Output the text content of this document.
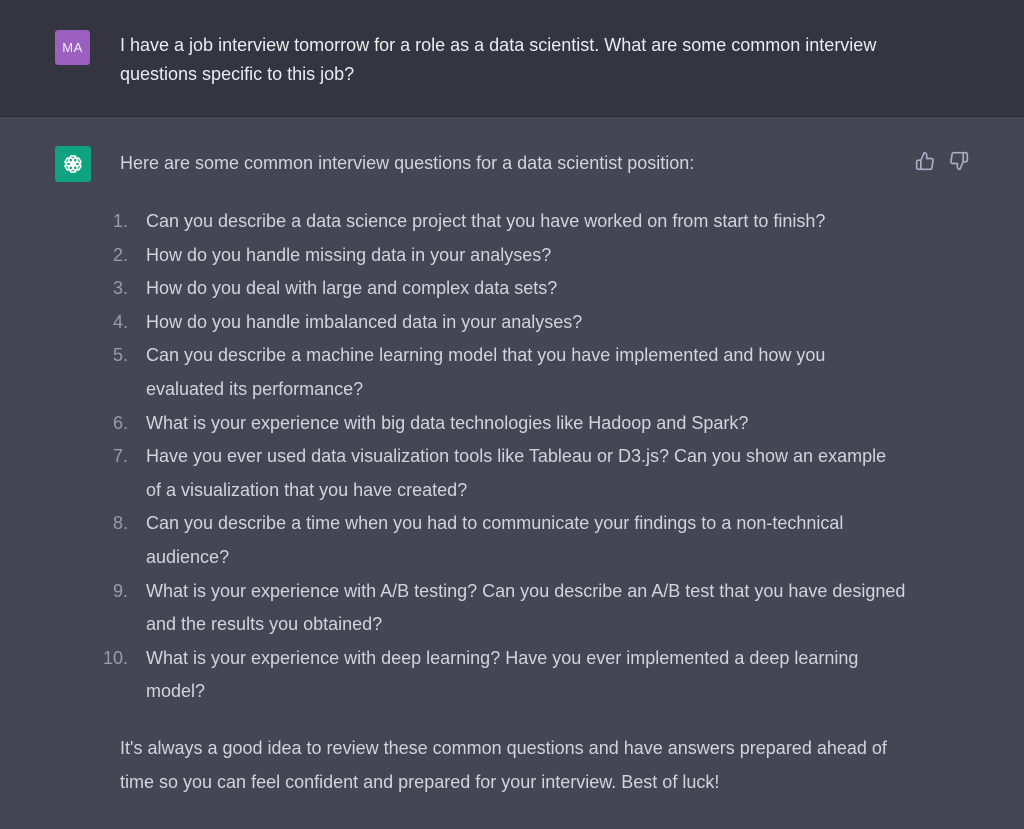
MA	I have a job interview tomorrow for a role as a data scientist. What are some common interview questions specific to this job?
Here are some common interview questions for a data scientist position:
1. Can you describe a data science project that you have worked on from start to finish?
2. How do you handle missing data in your analyses?
3. How do you deal with large and complex data sets?
4. How do you handle imbalanced data in your analyses?
5. Can you describe a machine learning model that you have implemented and how you evaluated its performance?
6. What is your experience with big data technologies like Hadoop and Spark?
7. Have you ever used data visualization tools like Tableau or D3.js? Can you show an example of a visualization that you have created?
8. Can you describe a time when you had to communicate your findings to a non-technical audience?
9. What is your experience with A/B testing? Can you describe an A/B test that you have designed and the results you obtained?
10. What is your experience with deep learning? Have you ever implemented a deep learning model?
It's always a good idea to review these common questions and have answers prepared ahead of time so you can feel confident and prepared for your interview. Best of luck!
